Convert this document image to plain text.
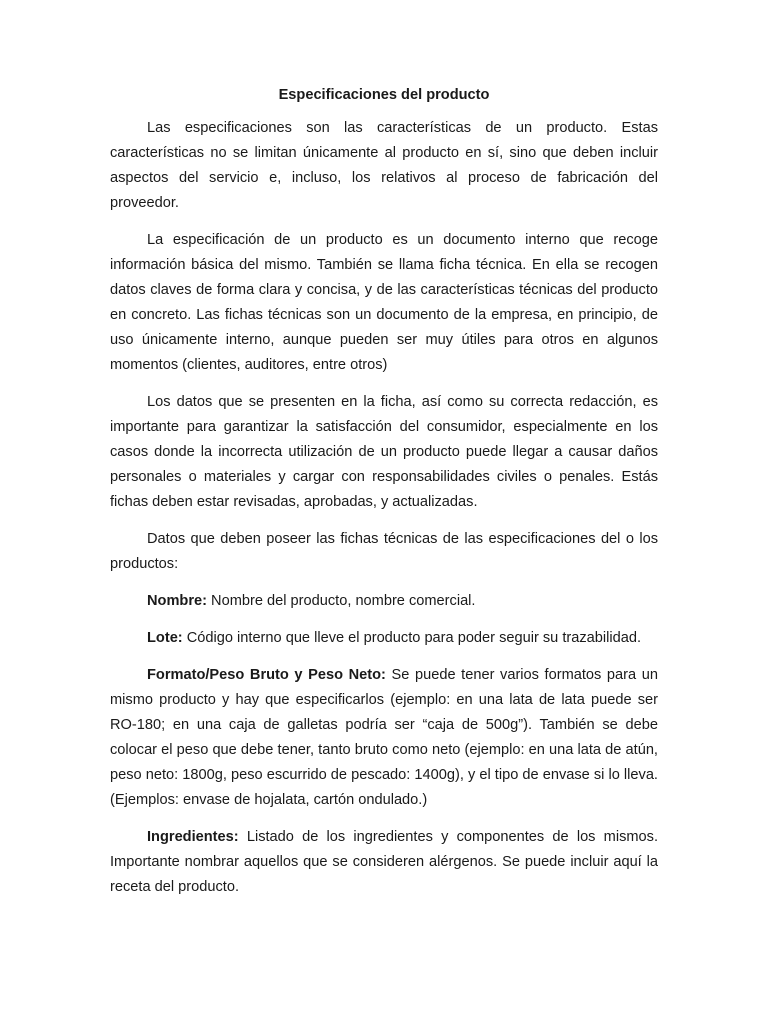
Especificaciones del producto

Las especificaciones son las características de un producto. Estas características no se limitan únicamente al producto en sí, sino que deben incluir aspectos del servicio e, incluso, los relativos al proceso de fabricación del proveedor.

La especificación de un producto es un documento interno que recoge información básica del mismo. También se llama ficha técnica. En ella se recogen datos claves de forma clara y concisa, y de las características técnicas del producto en concreto. Las fichas técnicas son un documento de la empresa, en principio, de uso únicamente interno, aunque pueden ser muy útiles para otros en algunos momentos (clientes, auditores, entre otros)

Los datos que se presenten en la ficha, así como su correcta redacción, es importante para garantizar la satisfacción del consumidor, especialmente en los casos donde la incorrecta utilización de un producto puede llegar a causar daños personales o materiales y cargar con responsabilidades civiles o penales. Estás fichas deben estar revisadas, aprobadas, y actualizadas.

Datos que deben poseer las fichas técnicas de las especificaciones del o los productos:

Nombre: Nombre del producto, nombre comercial.

Lote: Código interno que lleve el producto para poder seguir su trazabilidad.

Formato/Peso Bruto y Peso Neto: Se puede tener varios formatos para un mismo producto y hay que especificarlos (ejemplo: en una lata de lata puede ser RO-180; en una caja de galletas podría ser “caja de 500g”). También se debe colocar el peso que debe tener, tanto bruto como neto (ejemplo: en una lata de atún, peso neto: 1800g, peso escurrido de pescado: 1400g), y el tipo de envase si lo lleva. (Ejemplos: envase de hojalata, cartón ondulado.)

Ingredientes: Listado de los ingredientes y componentes de los mismos. Importante nombrar aquellos que se consideren alérgenos. Se puede incluir aquí la receta del producto.
